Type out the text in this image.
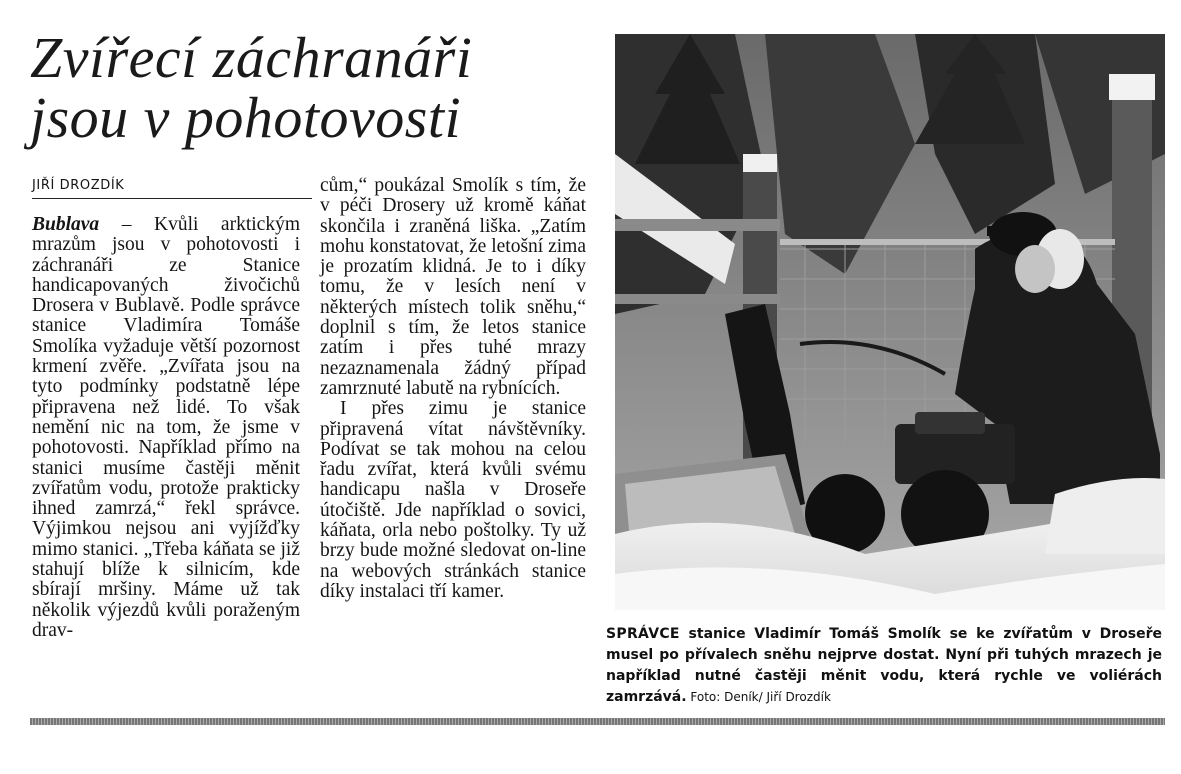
Zvířecí záchranáři
jsou v pohotovosti
JIŘÍ DROZDÍK

Bublava – Kvůli arktickým mrazům jsou v pohotovosti i záchranáři ze Stanice handicapovaných živočichů Drosera v Bublavě. Podle správce stanice Vladimíra Tomáše Smolíka vyžaduje větší pozornost krmení zvěře. „Zvířata jsou na tyto podmínky podstatně lépe připravena než lidé. To však nemění nic na tom, že jsme v pohotovosti. Například přímo na stanici musíme častěji měnit zvířatům vodu, protože prakticky ihned zamrzá,“ řekl správce. Výjimkou nejsou ani vyjížďky mimo stanici. „Třeba káňata se již stahují blíže k silnicím, kde sbírají mršiny. Máme už tak několik výjezdů kvůli poraženým drav-

cům,“ poukázal Smolík s tím, že v péči Drosery už kromě káňat skončila i zraněná liška. „Zatím mohu konstatovat, že letošní zima je prozatím klidná. Je to i díky tomu, že v lesích není v některých místech tolik sněhu,“ doplnil s tím, že letos stanice zatím i přes tuhé mrazy nezaznamenala žádný případ zamrznuté labutě na rybnících.

I přes zimu je stanice připravená vítat návštěvníky. Podívat se tak mohou na celou řadu zvířat, která kvůli svému handicapu našla v Droseře útočiště. Jde například o sovici, káňata, orla nebo poštolky. Ty už brzy bude možné sledovat on-line na webových stránkách stanice díky instalaci tří kamer.

SPRÁVCE stanice Vladimír Tomáš Smolík se ke zvířatům v Droseře musel po přívalech sněhu nejprve dostat. Nyní při tuhých mrazech je například nutné častěji měnit vodu, která rychle ve voliérách zamrzává. Foto: Deník/ Jiří Drozdík
